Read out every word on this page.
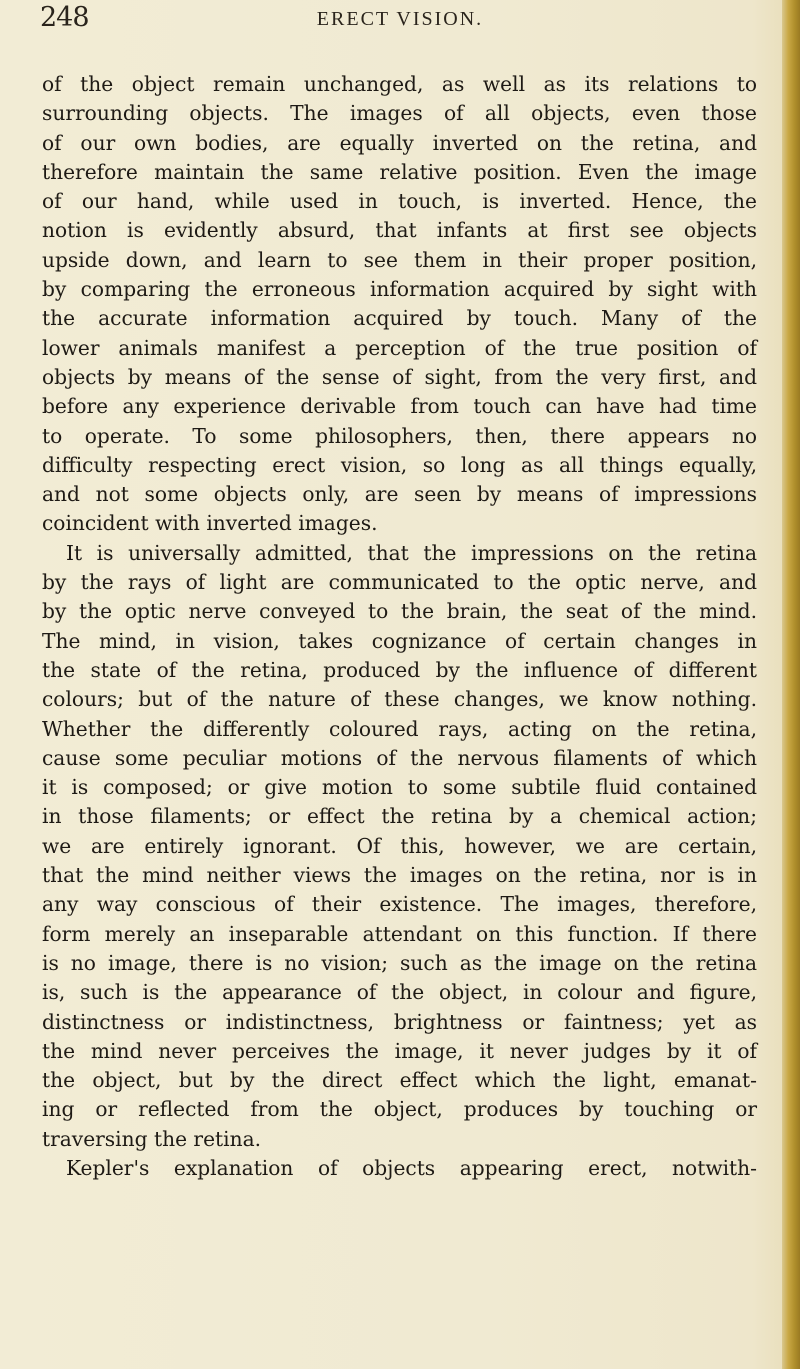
248	ERECT VISION.
of the object remain unchanged, as well as its relations to
surrounding objects. The images of all objects, even those
of our own bodies, are equally inverted on the retina, and
therefore maintain the same relative position. Even the image
of our hand, while used in touch, is inverted. Hence, the
notion is evidently absurd, that infants at first see objects
upside down, and learn to see them in their proper position,
by comparing the erroneous information acquired by sight with
the accurate information acquired by touch. Many of the
lower animals manifest a perception of the true position of
objects by means of the sense of sight, from the very first, and
before any experience derivable from touch can have had time
to operate. To some philosophers, then, there appears no
difficulty respecting erect vision, so long as all things equally,
and not some objects only, are seen by means of impressions
coincident with inverted images.
It is universally admitted, that the impressions on the retina
by the rays of light are communicated to the optic nerve, and
by the optic nerve conveyed to the brain, the seat of the mind.
The mind, in vision, takes cognizance of certain changes in
the state of the retina, produced by the influence of different
colours; but of the nature of these changes, we know nothing.
Whether the differently coloured rays, acting on the retina,
cause some peculiar motions of the nervous filaments of which
it is composed; or give motion to some subtile fluid contained
in those filaments; or effect the retina by a chemical action;
we are entirely ignorant. Of this, however, we are certain,
that the mind neither views the images on the retina, nor is in
any way conscious of their existence. The images, therefore,
form merely an inseparable attendant on this function. If there
is no image, there is no vision; such as the image on the retina
is, such is the appearance of the object, in colour and figure,
distinctness or indistinctness, brightness or faintness; yet as
the mind never perceives the image, it never judges by it of
the object, but by the direct effect which the light, emanat-
ing or reflected from the object, produces by touching or
traversing the retina.
Kepler's explanation of objects appearing erect, notwith-
